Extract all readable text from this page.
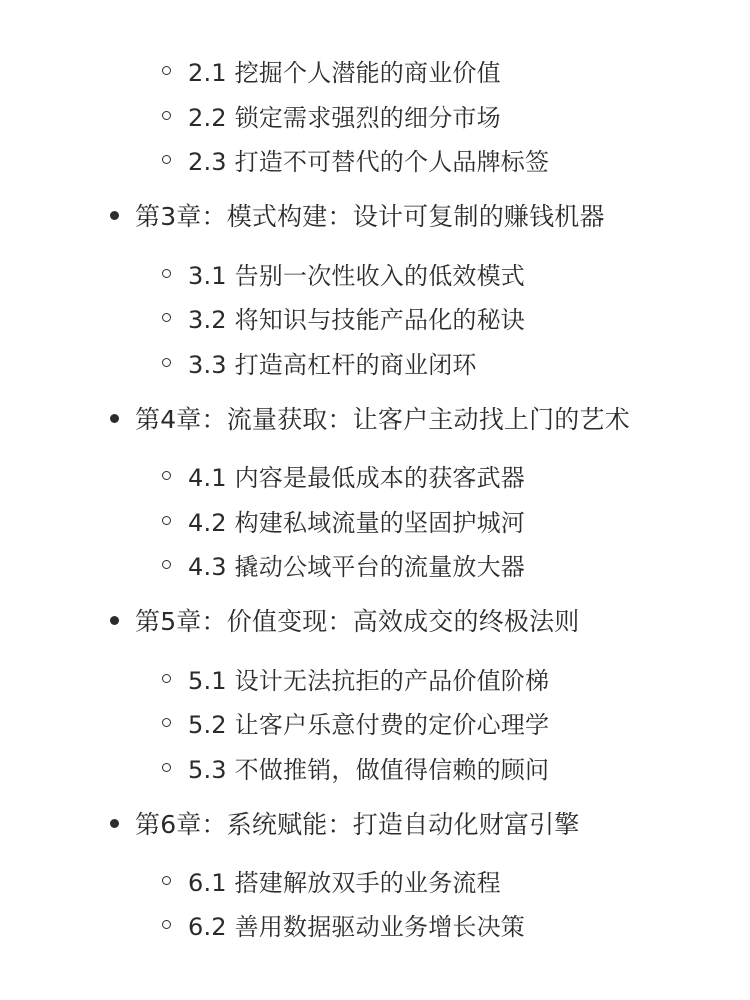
2.1 挖掘个人潜能的商业价值
2.2 锁定需求强烈的细分市场
2.3 打造不可替代的个人品牌标签
第3章：模式构建：设计可复制的赚钱机器
3.1 告别一次性收入的低效模式
3.2 将知识与技能产品化的秘诀
3.3 打造高杠杆的商业闭环
第4章：流量获取：让客户主动找上门的艺术
4.1 内容是最低成本的获客武器
4.2 构建私域流量的坚固护城河
4.3 撬动公域平台的流量放大器
第5章：价值变现：高效成交的终极法则
5.1 设计无法抗拒的产品价值阶梯
5.2 让客户乐意付费的定价心理学
5.3 不做推销，做值得信赖的顾问
第6章：系统赋能：打造自动化财富引擎
6.1 搭建解放双手的业务流程
6.2 善用数据驱动业务增长决策
